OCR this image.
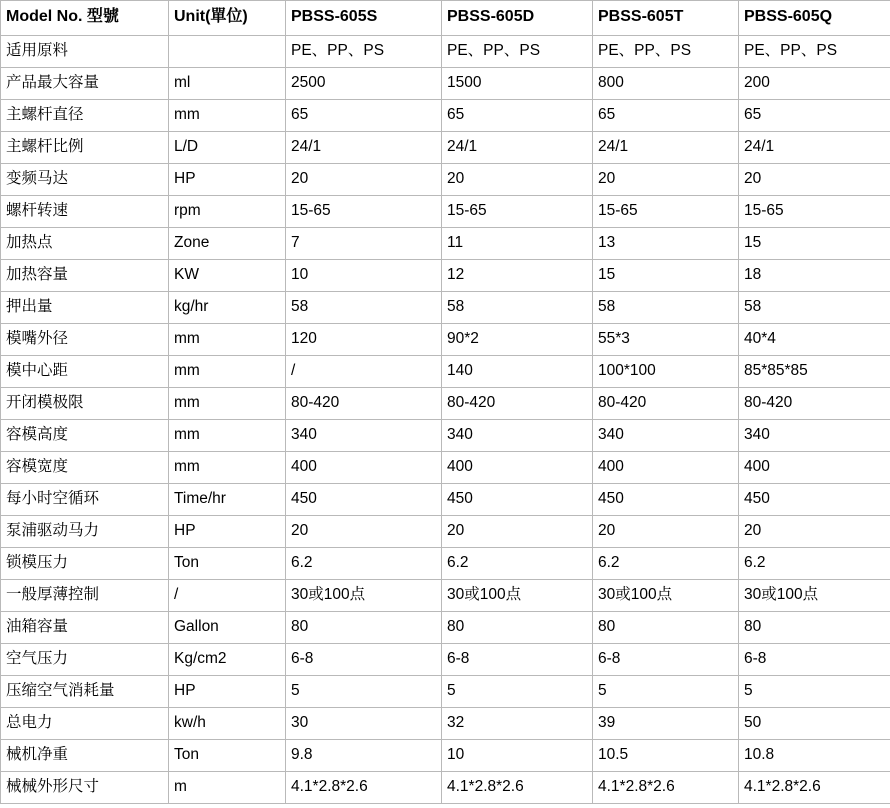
Model No. 型號	Unit(單位)	PBSS-605S	PBSS-605D	PBSS-605T	PBSS-605Q
适用原料		PE、PP、PS	PE、PP、PS	PE、PP、PS	PE、PP、PS
产品最大容量	ml	2500	1500	800	200
主螺杆直径	mm	65	65	65	65
主螺杆比例	L/D	24/1	24/1	24/1	24/1
变频马达	HP	20	20	20	20
螺杆转速	rpm	15-65	15-65	15-65	15-65
加热点	Zone	7	11	13	15
加热容量	KW	10	12	15	18
押出量	kg/hr	58	58	58	58
模嘴外径	mm	120	90*2	55*3	40*4
模中心距	mm	/	140	100*100	85*85*85
开闭模极限	mm	80-420	80-420	80-420	80-420
容模高度	mm	340	340	340	340
容模宽度	mm	400	400	400	400
每小时空循环	Time/hr	450	450	450	450
泵浦驱动马力	HP	20	20	20	20
锁模压力	Ton	6.2	6.2	6.2	6.2
一般厚薄控制	/	30或100点	30或100点	30或100点	30或100点
油箱容量	Gallon	80	80	80	80
空气压力	Kg/cm2	6-8	6-8	6-8	6-8
压缩空气消耗量	HP	5	5	5	5
总电力	kw/h	30	32	39	50
械机净重	Ton	9.8	10	10.5	10.8
械械外形尺寸	m	4.1*2.8*2.6	4.1*2.8*2.6	4.1*2.8*2.6	4.1*2.8*2.6
